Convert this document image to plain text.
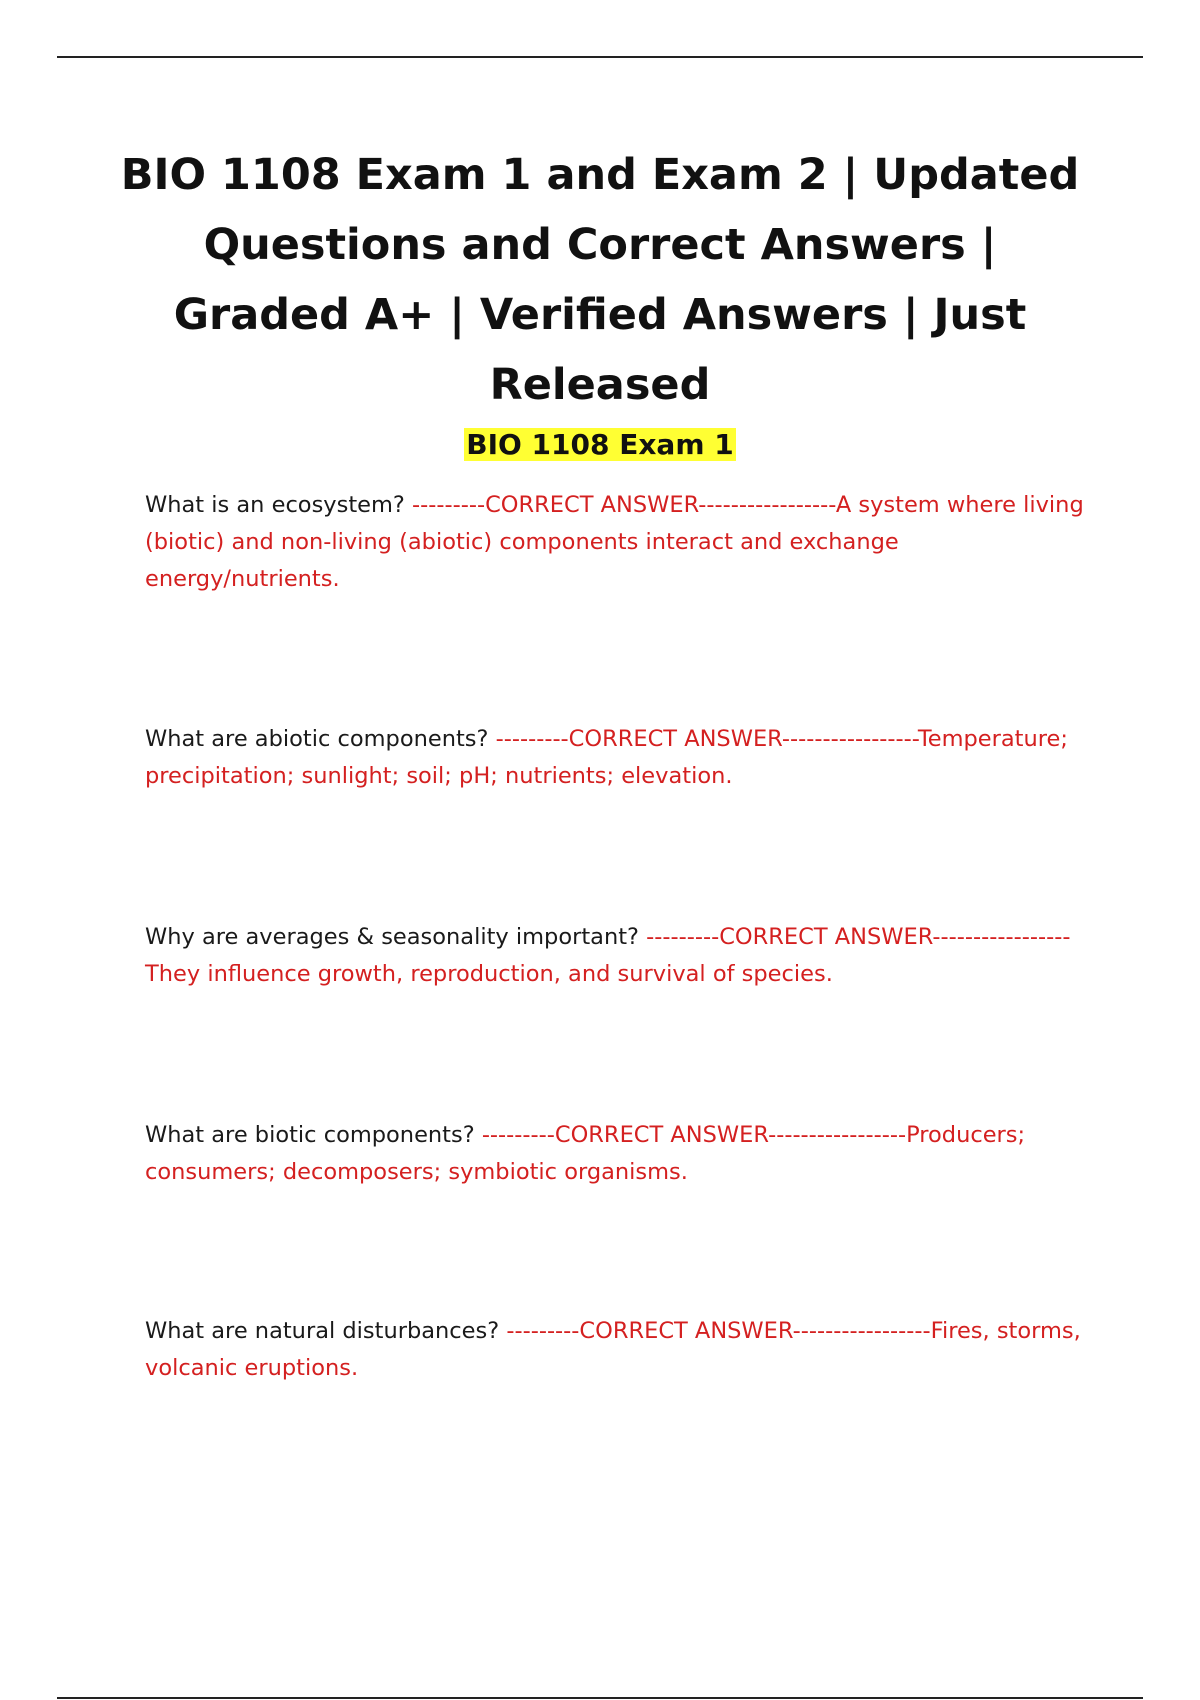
BIO 1108 Exam 1 and Exam 2 | Updated Questions and Correct Answers | Graded A+ | Verified Answers | Just Released
BIO 1108 Exam 1

What is an ecosystem? ---------CORRECT ANSWER-----------------A system where living (biotic) and non-living (abiotic) components interact and exchange energy/nutrients.

What are abiotic components? ---------CORRECT ANSWER-----------------Temperature; precipitation; sunlight; soil; pH; nutrients; elevation.

Why are averages & seasonality important? ---------CORRECT ANSWER-----------------They influence growth, reproduction, and survival of species.

What are biotic components? ---------CORRECT ANSWER-----------------Producers; consumers; decomposers; symbiotic organisms.

What are natural disturbances? ---------CORRECT ANSWER-----------------Fires, storms, volcanic eruptions.
